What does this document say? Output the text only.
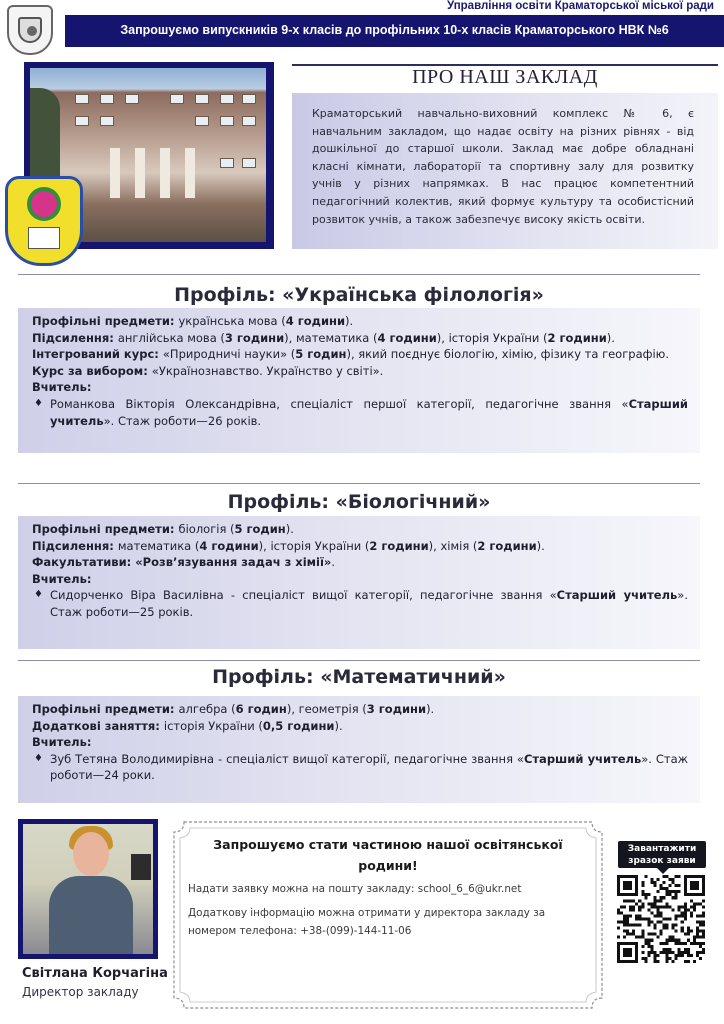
Управління освіти Краматорської міської ради
Запрошуємо випускників 9-х класів до профільних 10-х класів Краматорського НВК №6
ПРО НАШ ЗАКЛАД

Краматорський навчально-виховний комплекс № 6, є навчальним закладом, що надає освіту на різних рівнях - від дошкільної до старшої школи. Заклад має добре обладнані класні кімнати, лабораторії та спортивну залу для розвитку учнів у різних напрямках. В нас працює компетентний педагогічний колектив, який формує культуру та особистісний розвиток учнів, а також забезпечує високу якість освіти.

Профіль: «Українська філологія»

Профільні предмети: українська мова (4 години).

Підсилення: англійська мова (3 години), математика (4 години), історія України (2 години).

Інтегрований курс: «Природничі науки» (5 годин), який поєднує біологію, хімію, фізику та географію.

Курс за вибором: «Українознавство. Українство у світі».

Вчитель:

♦ Романкова Вікторія Олександрівна, спеціаліст першої категорії, педагогічне звання «Старший учитель». Стаж роботи—26 років.
Профіль: «Біологічний»

Профільні предмети: біологія (5 годин).

Підсилення: математика (4 години), історія України (2 години), хімія (2 години).

Факультативи: «Розв’язування задач з хімії».

Вчитель:

♦ Сидорченко Віра Василівна - спеціаліст вищої категорії, педагогічне звання «Старший учитель». Стаж роботи—25 років.
Профіль: «Математичний»

Профільні предмети: алгебра (6 годин), геометрія (3 години).

Додаткові заняття: історія України (0,5 години).

Вчитель:

♦ Зуб Тетяна Володимирівна - спеціаліст вищої категорії, педагогічне звання «Старший учитель». Стаж роботи—24 роки.
Світлана Корчагіна
Директор закладу
Запрошуємо стати частиною нашої освітянської родини!
Надати заявку можна на пошту закладу: school_6_6@ukr.net
Додаткову інформацію можна отримати у директора закладу за номером телефона: +38-(099)-144-11-06
Завантажити
зразок заяви
